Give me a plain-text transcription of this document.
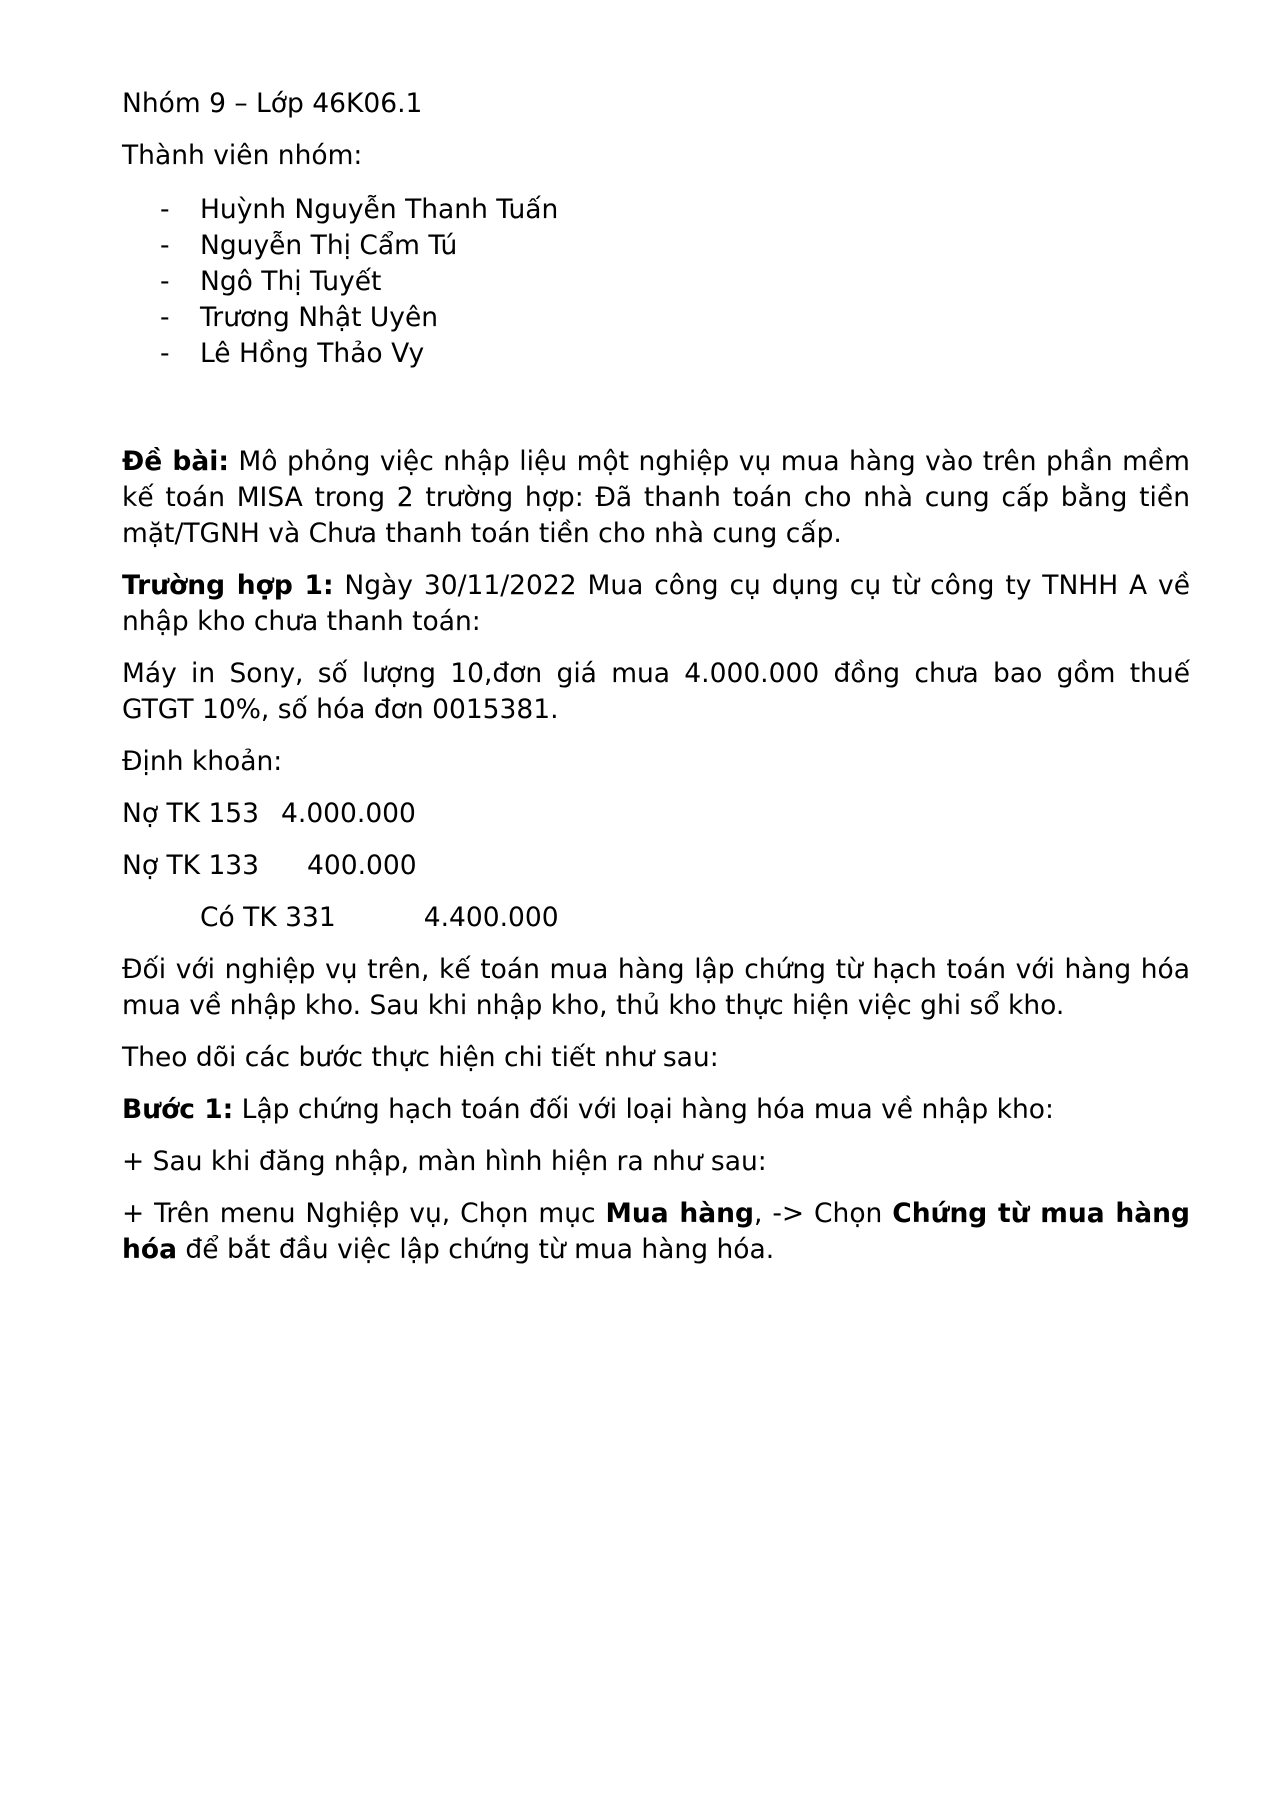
Nhóm 9 – Lớp 46K06.1

Thành viên nhóm:

- Huỳnh Nguyễn Thanh Tuấn
- Nguyễn Thị Cẩm Tú
- Ngô Thị Tuyết
- Trương Nhật Uyên
- Lê Hồng Thảo Vy

Đề bài: Mô phỏng việc nhập liệu một nghiệp vụ mua hàng vào trên phần mềm kế toán MISA trong 2 trường hợp: Đã thanh toán cho nhà cung cấp bằng tiền mặt/TGNH và Chưa thanh toán tiền cho nhà cung cấp.

Trường hợp 1: Ngày 30/11/2022 Mua công cụ dụng cụ từ công ty TNHH A về nhập kho chưa thanh toán:

Máy in Sony, số lượng 10,đơn giá mua 4.000.000 đồng chưa bao gồm thuế GTGT 10%, số hóa đơn 0015381.

Định khoản:

Nợ TK 153 4.000.000

Nợ TK 133 400.000

Có TK 331	4.400.000

Đối với nghiệp vụ trên, kế toán mua hàng lập chứng từ hạch toán với hàng hóa mua về nhập kho. Sau khi nhập kho, thủ kho thực hiện việc ghi sổ kho.

Theo dõi các bước thực hiện chi tiết như sau:

Bước 1: Lập chứng hạch toán đối với loại hàng hóa mua về nhập kho:

+ Sau khi đăng nhập, màn hình hiện ra như sau:

+ Trên menu Nghiệp vụ, Chọn mục Mua hàng, -> Chọn Chứng từ mua hàng hóa để bắt đầu việc lập chứng từ mua hàng hóa.
